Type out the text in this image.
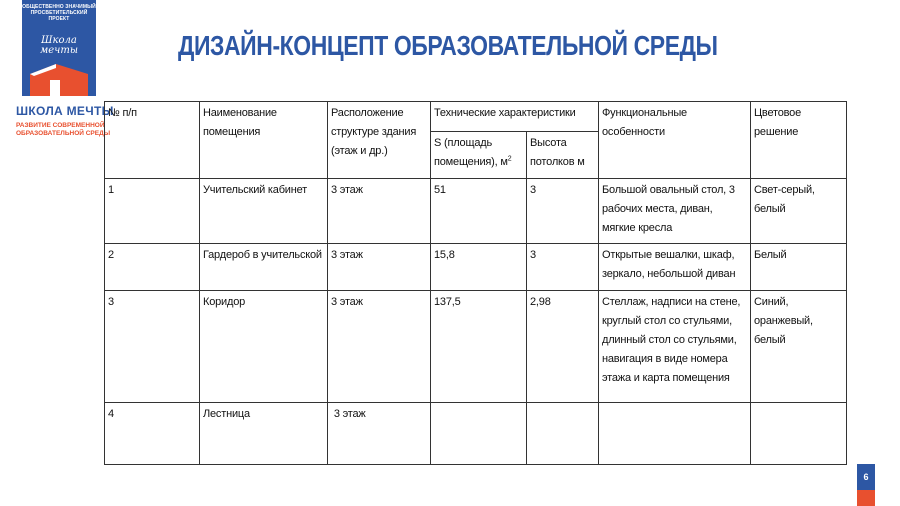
ОБЩЕСТВЕННО ЗНАЧИМЫЙ ПРОСВЕТИТЕЛЬСКИЙ ПРОЕКТ
Школа мечты
ШКОЛА МЕЧТЫ
РАЗВИТИЕ СОВРЕМЕННОЙ ОБРАЗОВАТЕЛЬНОЙ СРЕДЫ
ДИЗАЙН-КОНЦЕПТ ОБРАЗОВАТЕЛЬНОЙ СРЕДЫ
№ п/п	Наименование помещения	Расположение структуре здания (этаж и др.)	Технические характеристики		Функциональные особенности	Цветовое решение
			S (площадь помещения), $м^2$	Высота потолков м		
1	Учительский кабинет	3 этаж	51	3	Большой овальный стол, 3 рабочих места, диван, мягкие кресла	Свет-серый, белый
2	Гардероб в учительской	3 этаж	15,8	3	Открытые вешалки, шкаф, зеркало, небольшой диван	Белый
3	Коридор	3 этаж	137,5	2,98	Стеллаж, надписи на стене, круглый стол со стульями, длинный стол со стульями, навигация в виде номера этажа и карта помещения	Синий, оранжевый, белый
4	Лестница	3 этаж				
6
